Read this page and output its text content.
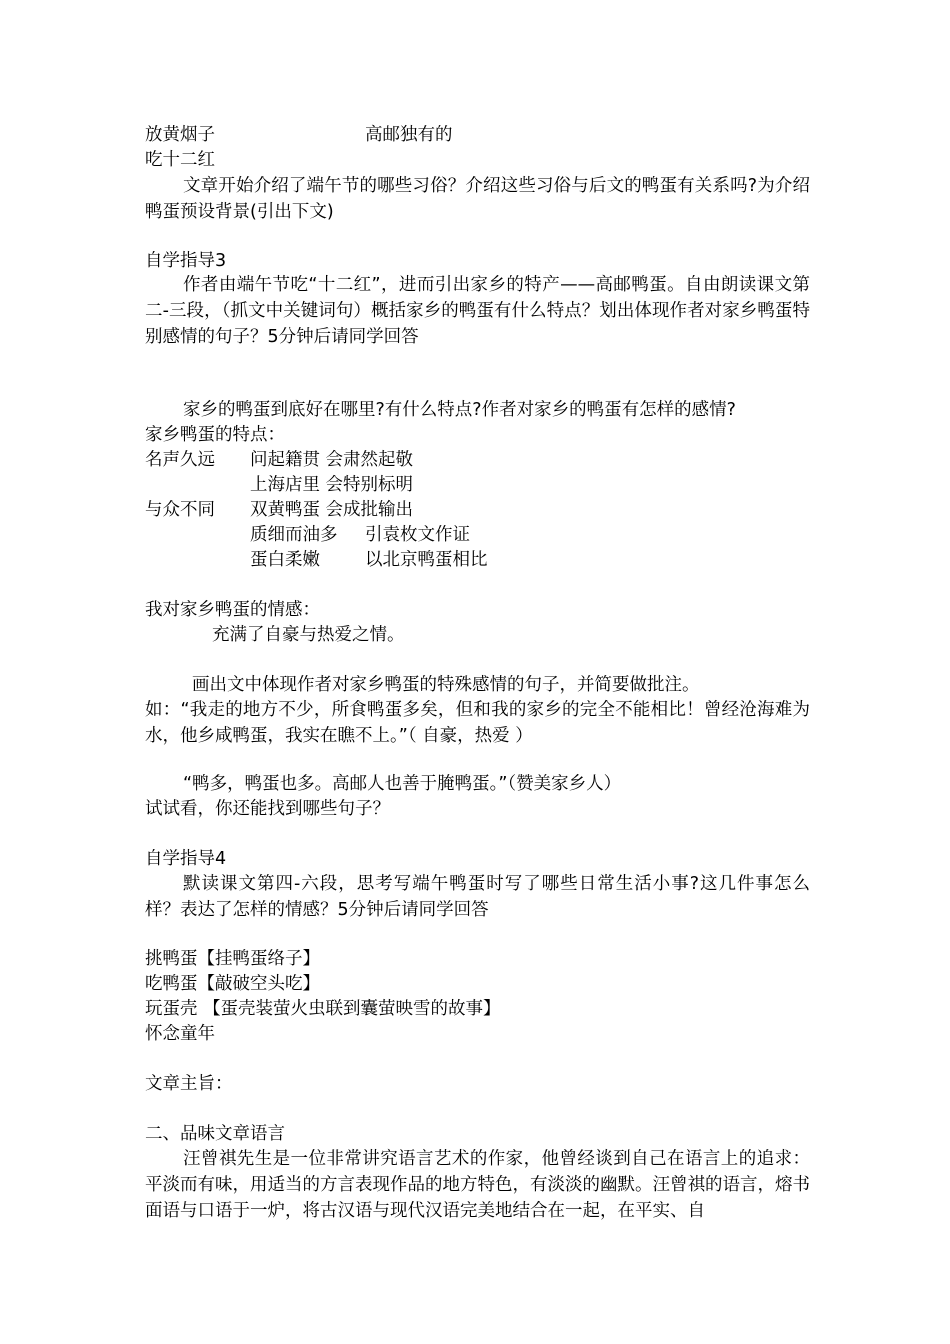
放黄烟子	高邮独有的
吃十二红

文章开始介绍了端午节的哪些习俗？介绍这些习俗与后文的鸭蛋有关系吗?为介绍鸭蛋预设背景(引出下文)

自学指导3

作者由端午节吃“十二红”，进而引出家乡的特产——高邮鸭蛋。自由朗读课文第二-三段，（抓文中关键词句）概括家乡的鸭蛋有什么特点？划出体现作者对家乡鸭蛋特别感情的句子？5分钟后请同学回答

家乡的鸭蛋到底好在哪里?有什么特点?作者对家乡的鸭蛋有怎样的感情?
家乡鸭蛋的特点：
名声久远 问起籍贯 会肃然起敬
上海店里 会特别标明
与众不同 双黄鸭蛋 会成批输出
质细而油多 引袁枚文作证
蛋白柔嫩	以北京鸭蛋相比
我对家乡鸭蛋的情感：
充满了自豪与热爱之情。
画出文中体现作者对家乡鸭蛋的特殊感情的句子，并简要做批注。

如：“我走的地方不少，所食鸭蛋多矣，但和我的家乡的完全不能相比！曾经沧海难为水，他乡咸鸭蛋，我实在瞧不上。”（ 自豪，热爱 ）

“鸭多，鸭蛋也多。高邮人也善于腌鸭蛋。”（赞美家乡人）
试试看，你还能找到哪些句子？
自学指导4

默读课文第四-六段，思考写端午鸭蛋时写了哪些日常生活小事?这几件事怎么样？表达了怎样的情感？5分钟后请同学回答

挑鸭蛋【挂鸭蛋络子】
吃鸭蛋【敲破空头吃】
玩蛋壳 【蛋壳装萤火虫联到囊萤映雪的故事】
怀念童年
文章主旨：
二、品味文章语言

汪曾祺先生是一位非常讲究语言艺术的作家，他曾经谈到自己在语言上的追求：平淡而有味，用适当的方言表现作品的地方特色，有淡淡的幽默。汪曾祺的语言，熔书面语与口语于一炉，将古汉语与现代汉语完美地结合在一起，在平实、自
